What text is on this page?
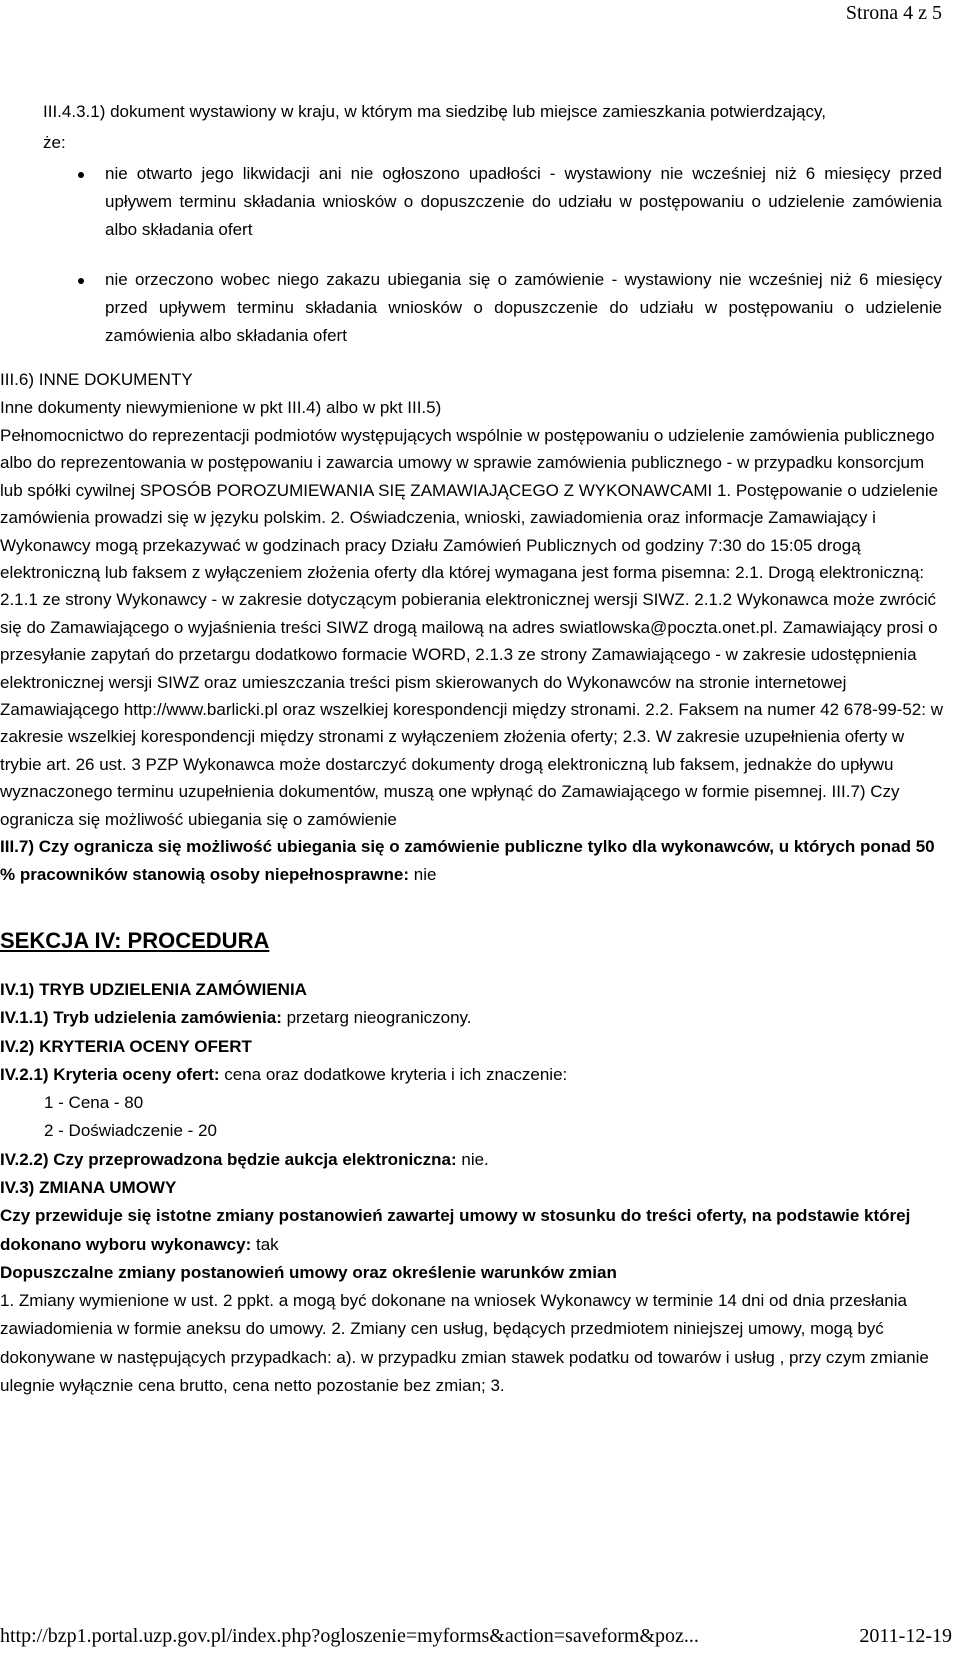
Strona 4 z 5

III.4.3.1) dokument wystawiony w kraju, w którym ma siedzibę lub miejsce zamieszkania potwierdzający,

że:

nie otwarto jego likwidacji ani nie ogłoszono upadłości - wystawiony nie wcześniej niż 6 miesięcy przed upływem terminu składania wniosków o dopuszczenie do udziału w postępowaniu o udzielenie zamówienia albo składania ofert
nie orzeczono wobec niego zakazu ubiegania się o zamówienie - wystawiony nie wcześniej niż 6 miesięcy przed upływem terminu składania wniosków o dopuszczenie do udziału w postępowaniu o udzielenie zamówienia albo składania ofert

III.6) INNE DOKUMENTY

Inne dokumenty niewymienione w pkt III.4) albo w pkt III.5)

Pełnomocnictwo do reprezentacji podmiotów występujących wspólnie w postępowaniu o udzielenie zamówienia publicznego albo do reprezentowania w postępowaniu i zawarcia umowy w sprawie zamówienia publicznego - w przypadku konsorcjum lub spółki cywilnej SPOSÓB POROZUMIEWANIA SIĘ ZAMAWIAJĄCEGO Z WYKONAWCAMI 1. Postępowanie o udzielenie zamówienia prowadzi się w języku polskim. 2. Oświadczenia, wnioski, zawiadomienia oraz informacje Zamawiający i Wykonawcy mogą przekazywać w godzinach pracy Działu Zamówień Publicznych od godziny 7:30 do 15:05 drogą elektroniczną lub faksem z wyłączeniem złożenia oferty dla której wymagana jest forma pisemna: 2.1. Drogą elektroniczną: 2.1.1 ze strony Wykonawcy - w zakresie dotyczącym pobierania elektronicznej wersji SIWZ. 2.1.2 Wykonawca może zwrócić się do Zamawiającego o wyjaśnienia treści SIWZ drogą mailową na adres swiatlowska@poczta.onet.pl. Zamawiający prosi o przesyłanie zapytań do przetargu dodatkowo formacie WORD, 2.1.3 ze strony Zamawiającego - w zakresie udostępnienia elektronicznej wersji SIWZ oraz umieszczania treści pism skierowanych do Wykonawców na stronie internetowej Zamawiającego http://www.barlicki.pl oraz wszelkiej korespondencji między stronami. 2.2. Faksem na numer 42 678-99-52: w zakresie wszelkiej korespondencji między stronami z wyłączeniem złożenia oferty; 2.3. W zakresie uzupełnienia oferty w trybie art. 26 ust. 3 PZP Wykonawca może dostarczyć dokumenty drogą elektroniczną lub faksem, jednakże do upływu wyznaczonego terminu uzupełnienia dokumentów, muszą one wpłynąć do Zamawiającego w formie pisemnej. III.7) Czy ogranicza się możliwość ubiegania się o zamówienie

III.7) Czy ogranicza się możliwość ubiegania się o zamówienie publiczne tylko dla wykonawców, u których ponad 50 % pracowników stanowią osoby niepełnosprawne: nie

SEKCJA IV: PROCEDURA

IV.1) TRYB UDZIELENIA ZAMÓWIENIA

IV.1.1) Tryb udzielenia zamówienia: przetarg nieograniczony.

IV.2) KRYTERIA OCENY OFERT

IV.2.1) Kryteria oceny ofert: cena oraz dodatkowe kryteria i ich znaczenie:

1 - Cena - 80

2 - Doświadczenie - 20

IV.2.2) Czy przeprowadzona będzie aukcja elektroniczna: nie.

IV.3) ZMIANA UMOWY

Czy przewiduje się istotne zmiany postanowień zawartej umowy w stosunku do treści oferty, na podstawie której dokonano wyboru wykonawcy: tak

Dopuszczalne zmiany postanowień umowy oraz określenie warunków zmian

1. Zmiany wymienione w ust. 2 ppkt. a mogą być dokonane na wniosek Wykonawcy w terminie 14 dni od dnia przesłania zawiadomienia w formie aneksu do umowy. 2. Zmiany cen usług, będących przedmiotem niniejszej umowy, mogą być dokonywane w następujących przypadkach: a). w przypadku zmian stawek podatku od towarów i usług , przy czym zmianie ulegnie wyłącznie cena brutto, cena netto pozostanie bez zmian; 3.

http://bzp1.portal.uzp.gov.pl/index.php?ogloszenie=myforms&action=saveform&poz...	2011-12-19
